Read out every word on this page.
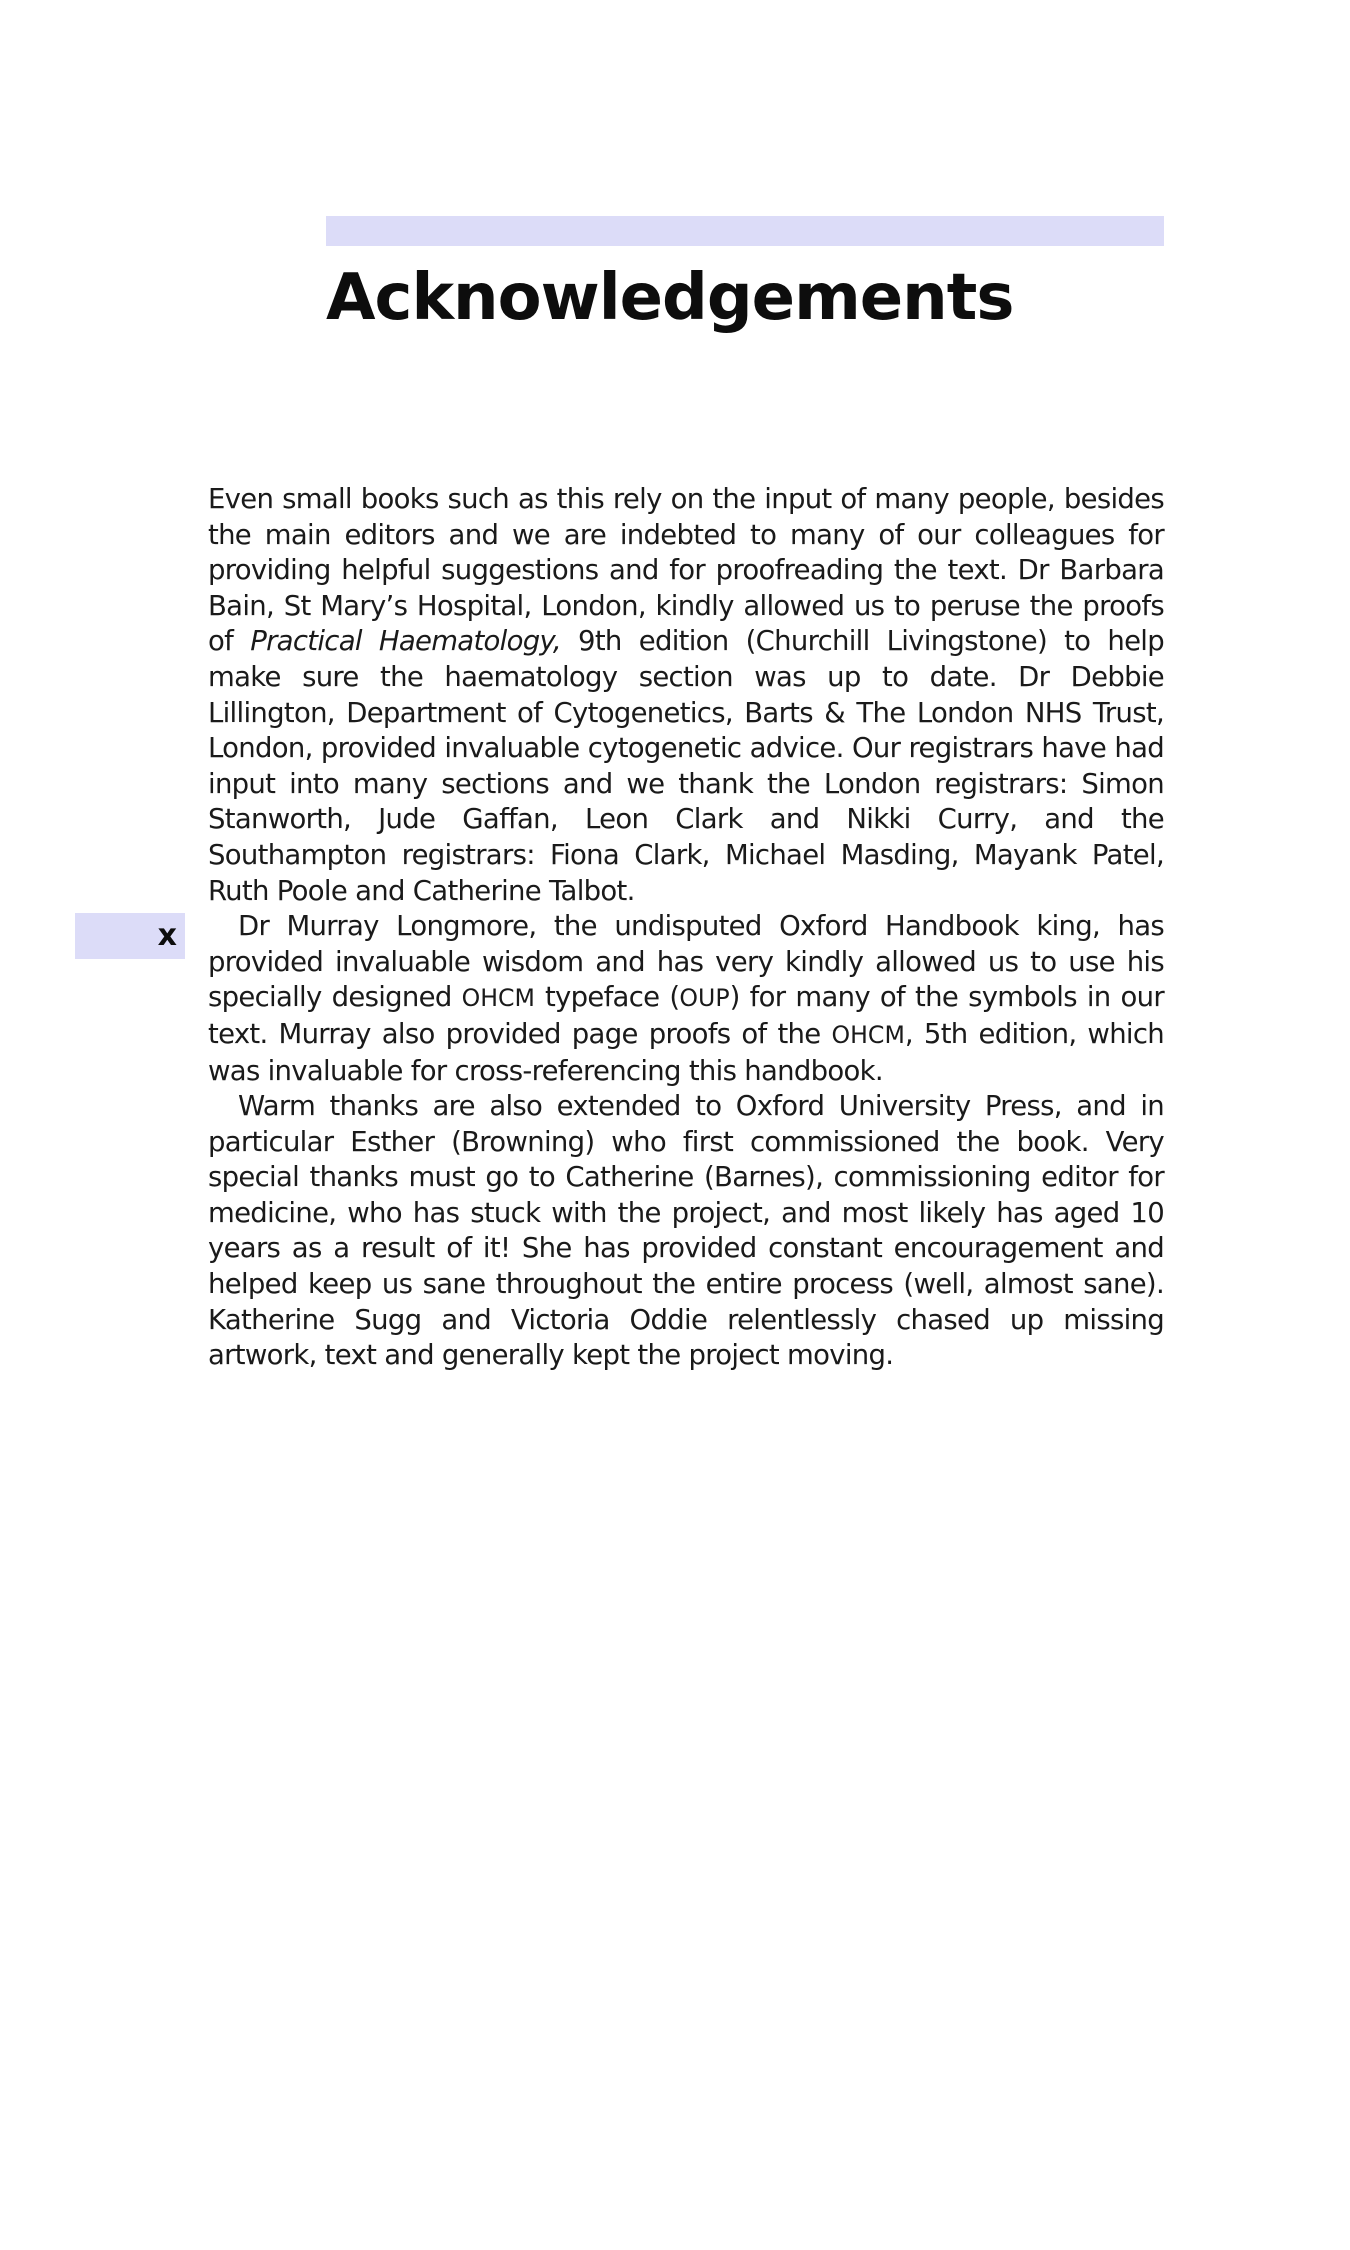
Acknowledgements

Even small books such as this rely on the input of many people, besides the main editors and we are indebted to many of our colleagues for providing helpful suggestions and for proofreading the text. Dr Barbara Bain, St Mary’s Hospital, London, kindly allowed us to peruse the proofs of Practical Haematology, 9th edition (Churchill Livingstone) to help make sure the haematology section was up to date. Dr Debbie Lillington, Department of Cytogenetics, Barts & The London NHS Trust, London, provided invaluable cytogenetic advice. Our registrars have had input into many sections and we thank the London registrars: Simon Stanworth, Jude Gaffan, Leon Clark and Nikki Curry, and the Southampton registrars: Fiona Clark, Michael Masding, Mayank Patel, Ruth Poole and Catherine Talbot.

Dr Murray Longmore, the undisputed Oxford Handbook king, has provided invaluable wisdom and has very kindly allowed us to use his specially designed OHCM typeface (OUP) for many of the symbols in our text. Murray also provided page proofs of the OHCM, 5th edition, which was invaluable for cross-referencing this handbook.

Warm thanks are also extended to Oxford University Press, and in particular Esther (Browning) who first commissioned the book. Very special thanks must go to Catherine (Barnes), commissioning editor for medicine, who has stuck with the project, and most likely has aged 10 years as a result of it! She has provided constant encouragement and helped keep us sane throughout the entire process (well, almost sane). Katherine Sugg and Victoria Oddie relentlessly chased up missing artwork, text and generally kept the project moving.

x
